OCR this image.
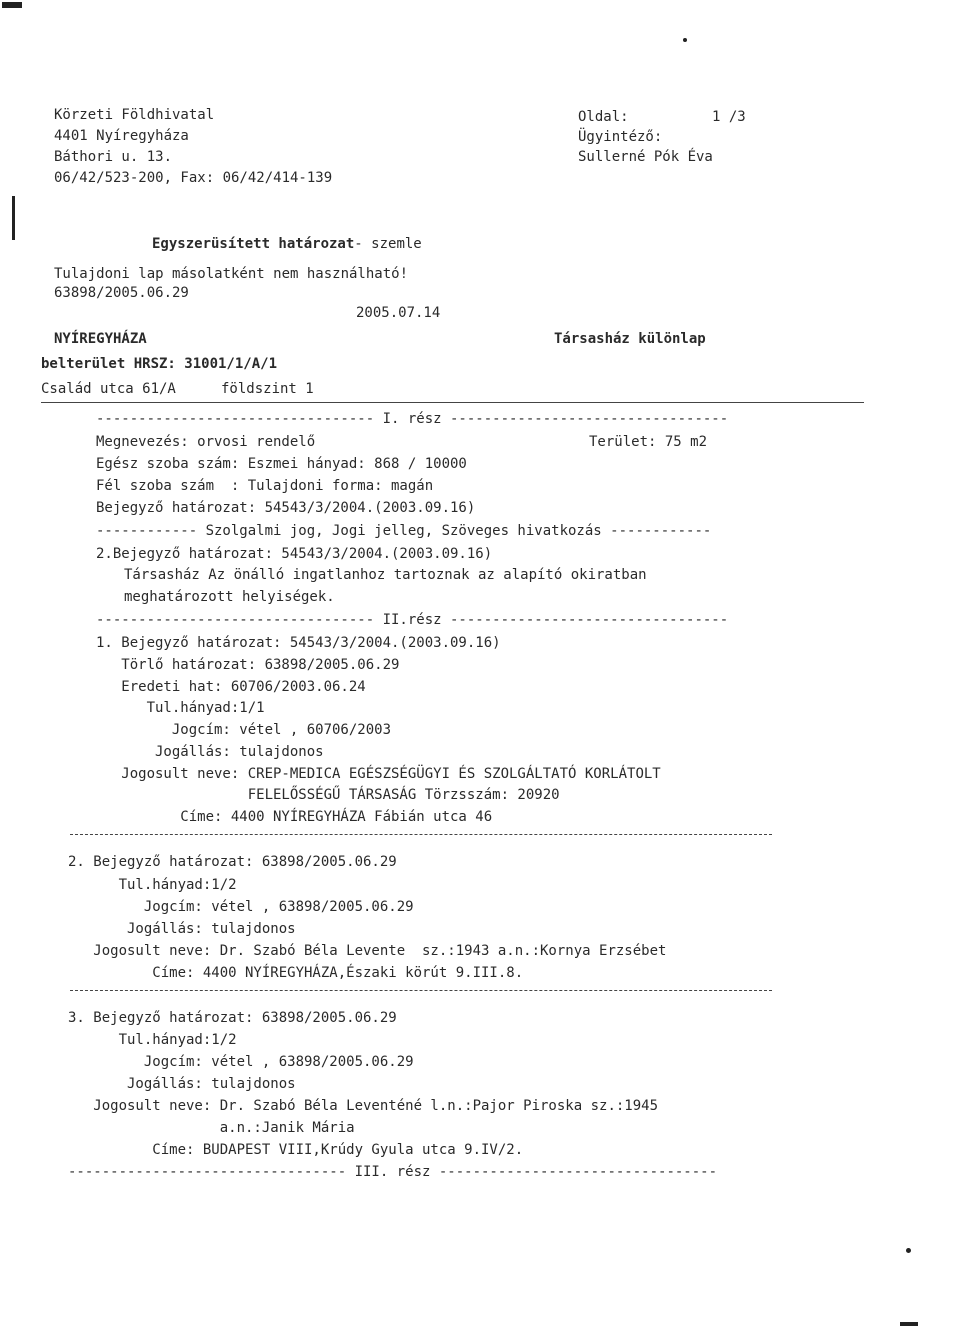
Körzeti Földhivatal
4401 Nyíregyháza
Báthori u. 13.
06/42/523-200, Fax: 06/42/414-139
Oldal:	1 /3
Ügyintéző:
Sullerné Pók Éva
Egyszerüsített határozat- szemle
Tulajdoni lap másolatként nem használható!
63898/2005.06.29
2005.07.14
NYÍREGYHÁZA	Társasház különlap
belterület HRSZ: 31001/1/A/1
Család utca 61/A	földszint 1
--------------------------------- I. rész ---------------------------------
Megnevezés: orvosi rendelő	Terület: 75 m2
Egész szoba szám: Eszmei hányad: 868 / 10000
Fél szoba szám  : Tulajdoni forma: magán
Bejegyző határozat: 54543/3/2004.(2003.09.16)
------------ Szolgalmi jog, Jogi jelleg, Szöveges hivatkozás ------------
2.Bejegyző határozat: 54543/3/2004.(2003.09.16)
Társasház Az önálló ingatlanhoz tartoznak az alapító okiratban
meghatározott helyiségek.
--------------------------------- II.rész ---------------------------------
1. Bejegyző határozat: 54543/3/2004.(2003.09.16)
Törlő határozat: 63898/2005.06.29
Eredeti hat: 60706/2003.06.24
Tul.hányad:1/1
Jogcím: vétel , 60706/2003
Jogállás: tulajdonos
Jogosult neve: CREP-MEDICA EGÉSZSÉGÜGYI ÉS SZOLGÁLTATÓ KORLÁTOLT
FELELŐSSÉGŰ TÁRSASÁG Törzsszám: 20920
Címe: 4400 NYÍREGYHÁZA Fábián utca 46
2. Bejegyző határozat: 63898/2005.06.29
Tul.hányad:1/2
Jogcím: vétel , 63898/2005.06.29
Jogállás: tulajdonos
Jogosult neve: Dr. Szabó Béla Levente  sz.:1943 a.n.:Kornya Erzsébet
Címe: 4400 NYÍREGYHÁZA,Északi körút 9.III.8.
3. Bejegyző határozat: 63898/2005.06.29
Tul.hányad:1/2
Jogcím: vétel , 63898/2005.06.29
Jogállás: tulajdonos
Jogosult neve: Dr. Szabó Béla Leventéné l.n.:Pajor Piroska sz.:1945
a.n.:Janik Mária
Címe: BUDAPEST VIII,Krúdy Gyula utca 9.IV/2.
--------------------------------- III. rész ---------------------------------
